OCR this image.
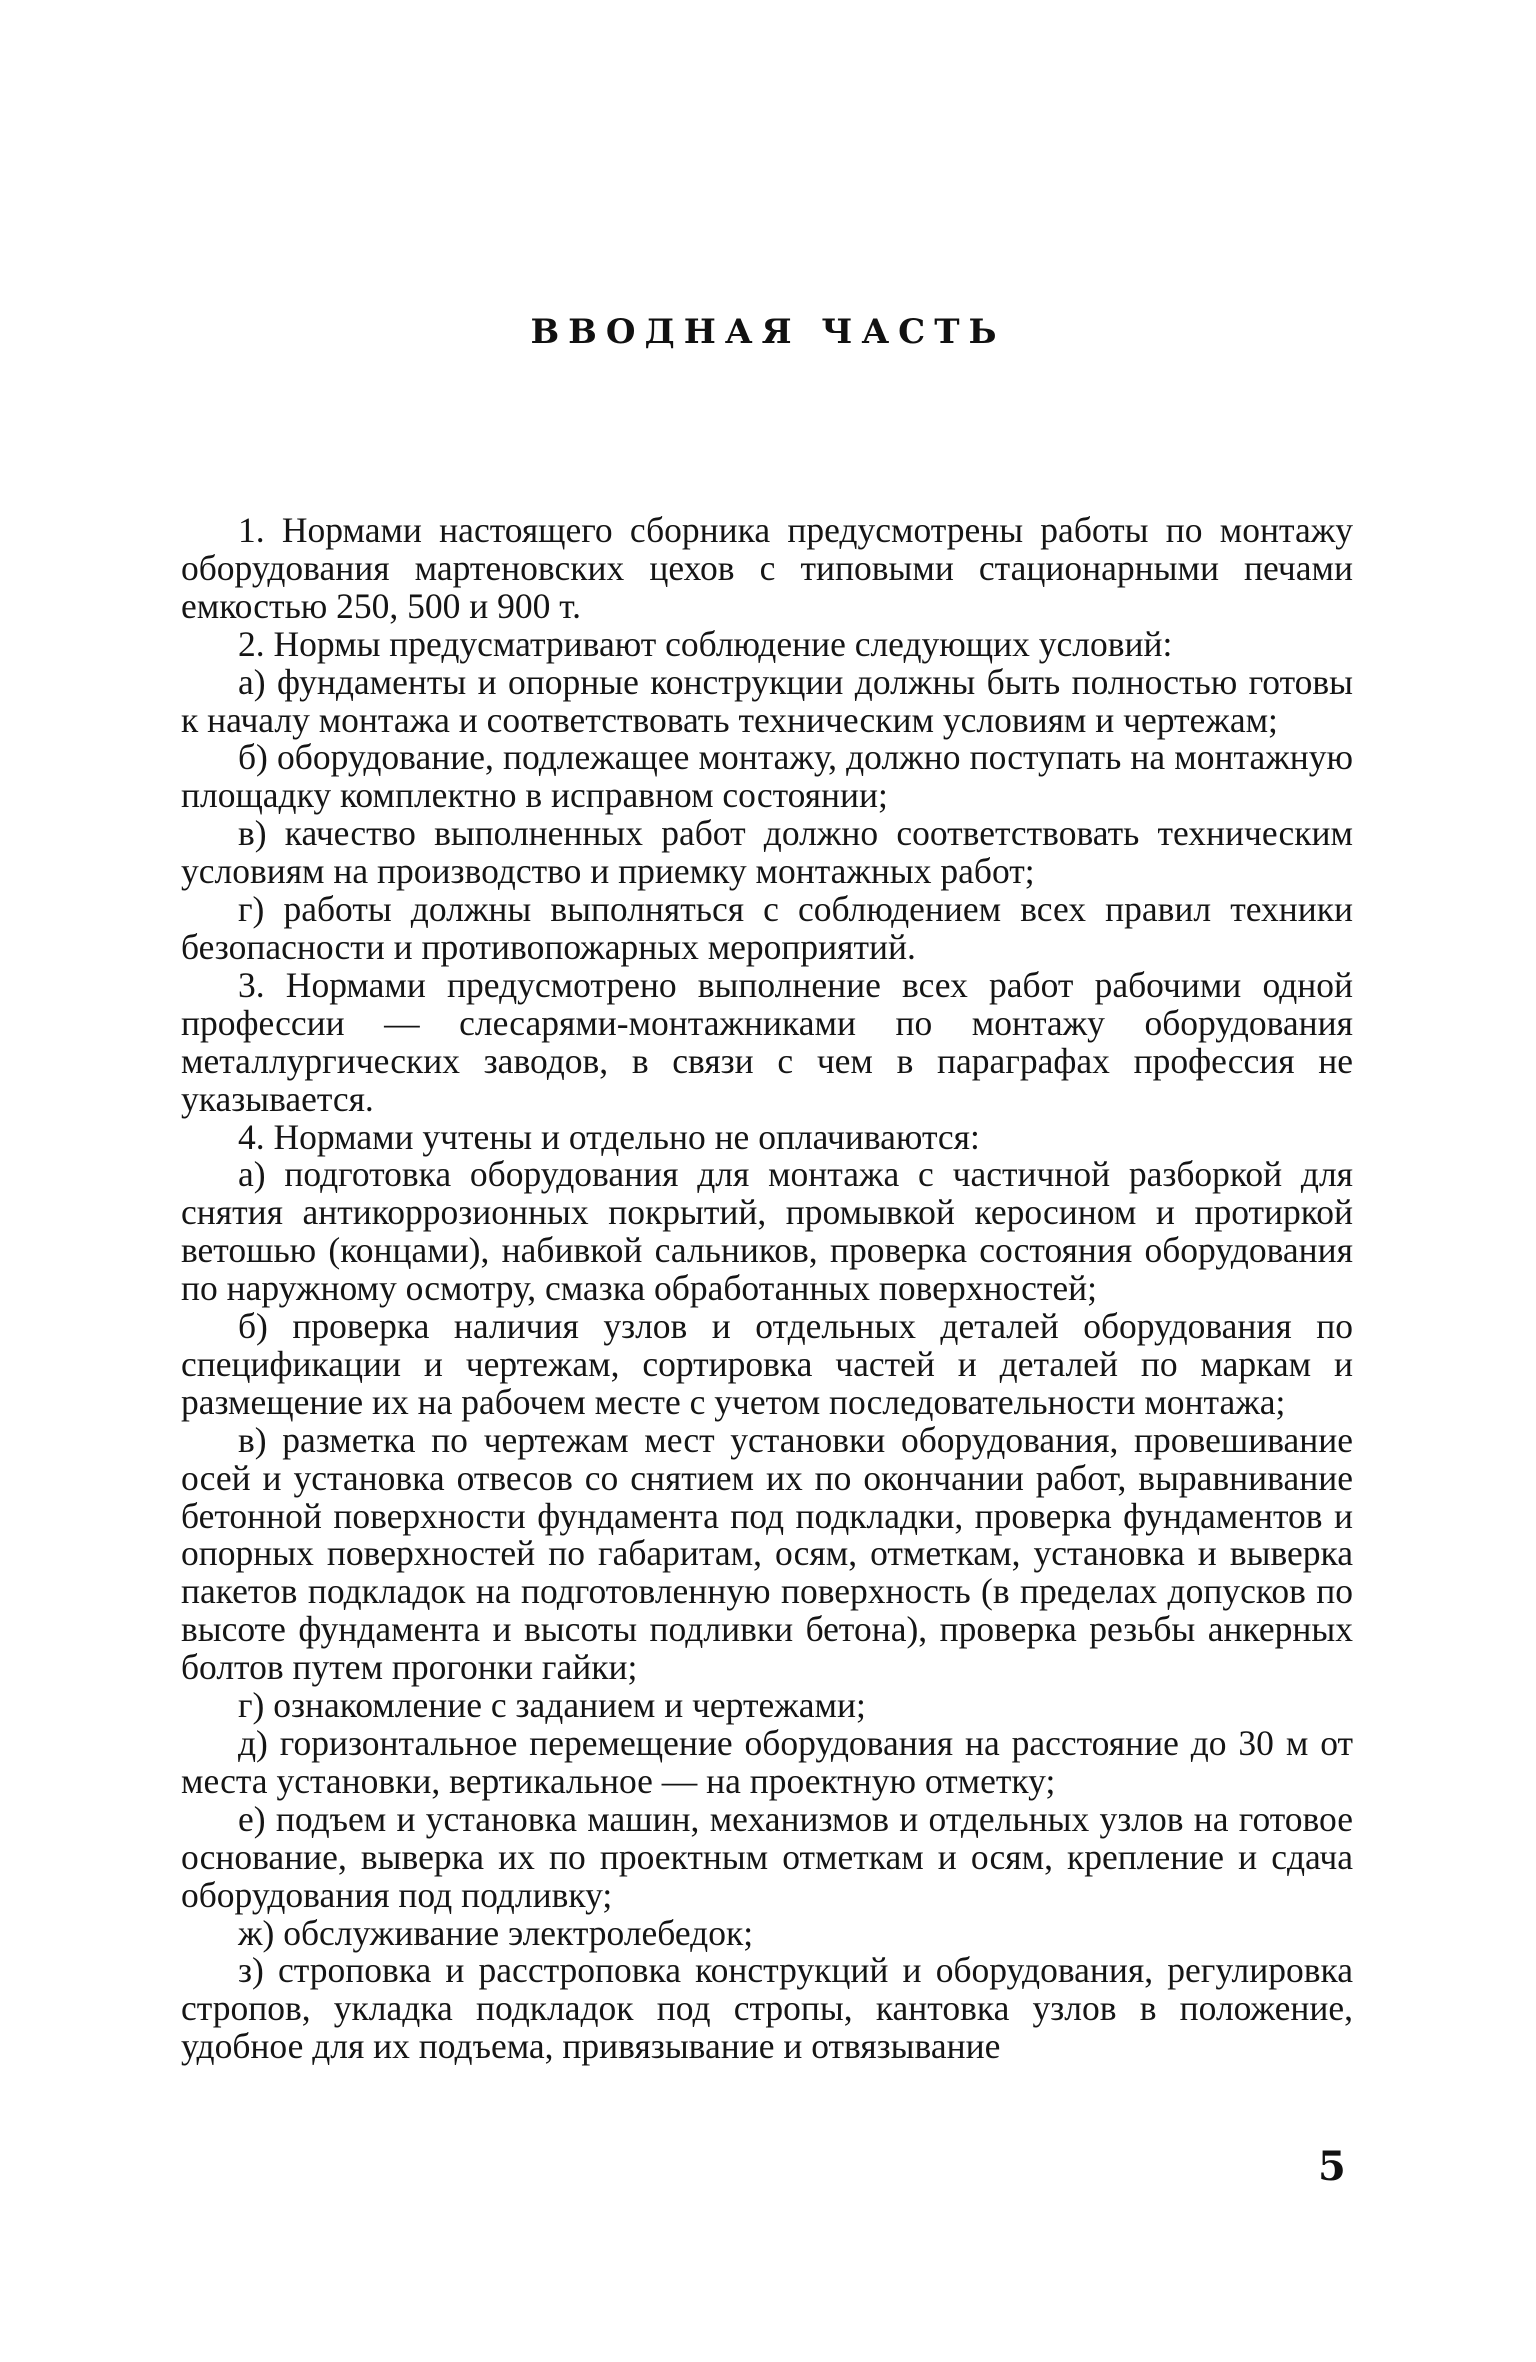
ВВОДНАЯ ЧАСТЬ

1. Нормами настоящего сборника предусмотрены работы по монтажу оборудования мартеновских цехов с типовыми стационарными печами емкостью 250, 500 и 900 т.

2. Нормы предусматривают соблюдение следующих условий:

а) фундаменты и опорные конструкции должны быть полностью готовы к началу монтажа и соответствовать техническим условиям и чертежам;

б) оборудование, подлежащее монтажу, должно поступать на монтажную площадку комплектно в исправном состоянии;

в) качество выполненных работ должно соответствовать техническим условиям на производство и приемку монтажных работ;

г) работы должны выполняться с соблюдением всех правил техники безопасности и противопожарных мероприятий.

3. Нормами предусмотрено выполнение всех работ рабочими одной профессии — слесарями-монтажниками по монтажу оборудования металлургических заводов, в связи с чем в параграфах профессия не указывается.

4. Нормами учтены и отдельно не оплачиваются:

а) подготовка оборудования для монтажа с частичной разборкой для снятия антикоррозионных покрытий, промывкой керосином и протиркой ветошью (концами), набивкой сальников, проверка состояния оборудования по наружному осмотру, смазка обработанных поверхностей;

б) проверка наличия узлов и отдельных деталей оборудования по спецификации и чертежам, сортировка частей и деталей по маркам и размещение их на рабочем месте с учетом последовательности монтажа;

в) разметка по чертежам мест установки оборудования, провешивание осей и установка отвесов со снятием их по окончании работ, выравнивание бетонной поверхности фундамента под подкладки, проверка фундаментов и опорных поверхностей по габаритам, осям, отметкам, установка и выверка пакетов подкладок на подготовленную поверхность (в пределах допусков по высоте фундамента и высоты подливки бетона), проверка резьбы анкерных болтов путем прогонки гайки;

г) ознакомление с заданием и чертежами;

д) горизонтальное перемещение оборудования на расстояние до 30 м от места установки, вертикальное — на проектную отметку;

е) подъем и установка машин, механизмов и отдельных узлов на готовое основание, выверка их по проектным отметкам и осям, крепление и сдача оборудования под подливку;

ж) обслуживание электролебедок;

з) строповка и расстроповка конструкций и оборудования, регулировка стропов, укладка подкладок под стропы, кантовка узлов в положение, удобное для их подъема, привязывание и отвязывание

5
